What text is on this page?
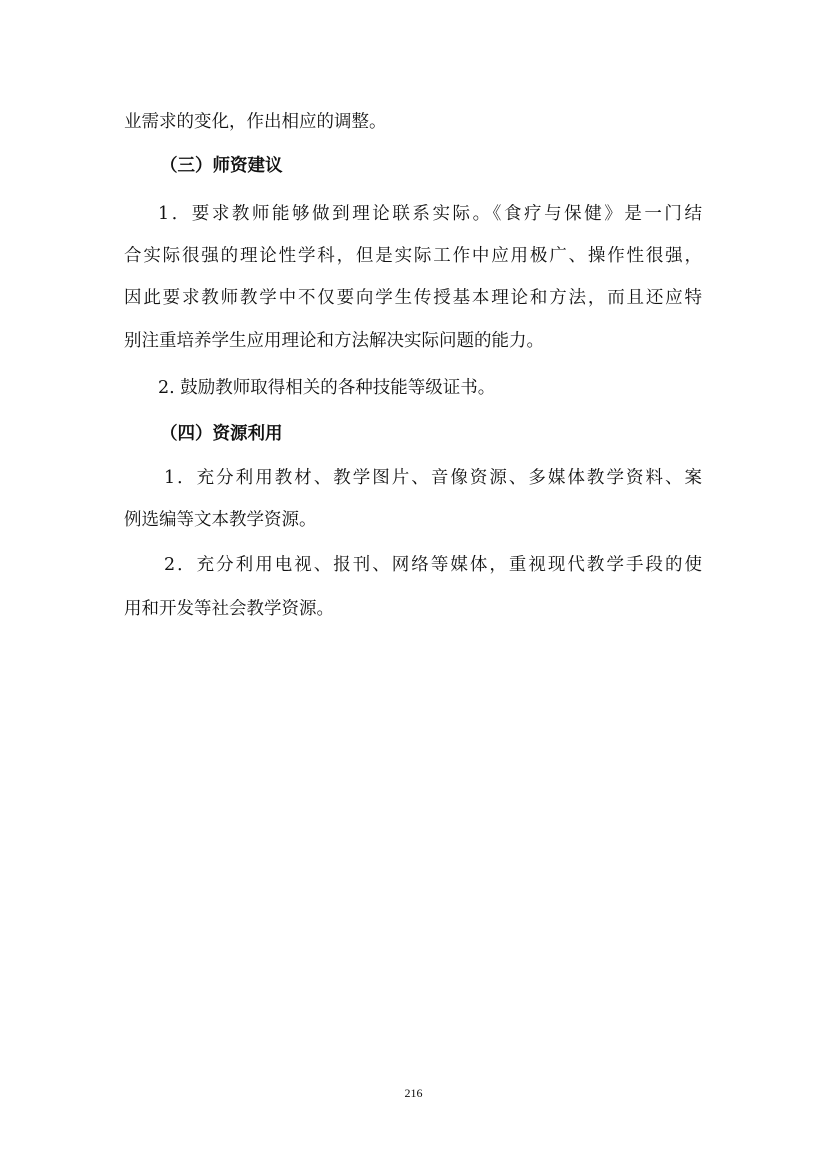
业需求的变化，作出相应的调整。
（三）师资建议
1．要求教师能够做到理论联系实际。《食疗与保健》是一门结
合实际很强的理论性学科，但是实际工作中应用极广、操作性很强，
因此要求教师教学中不仅要向学生传授基本理论和方法，而且还应特
别注重培养学生应用理论和方法解决实际问题的能力。
2. 鼓励教师取得相关的各种技能等级证书。
（四）资源利用
1．充分利用教材、教学图片、音像资源、多媒体教学资料、案
例选编等文本教学资源。
2．充分利用电视、报刊、网络等媒体，重视现代教学手段的使
用和开发等社会教学资源。
216
